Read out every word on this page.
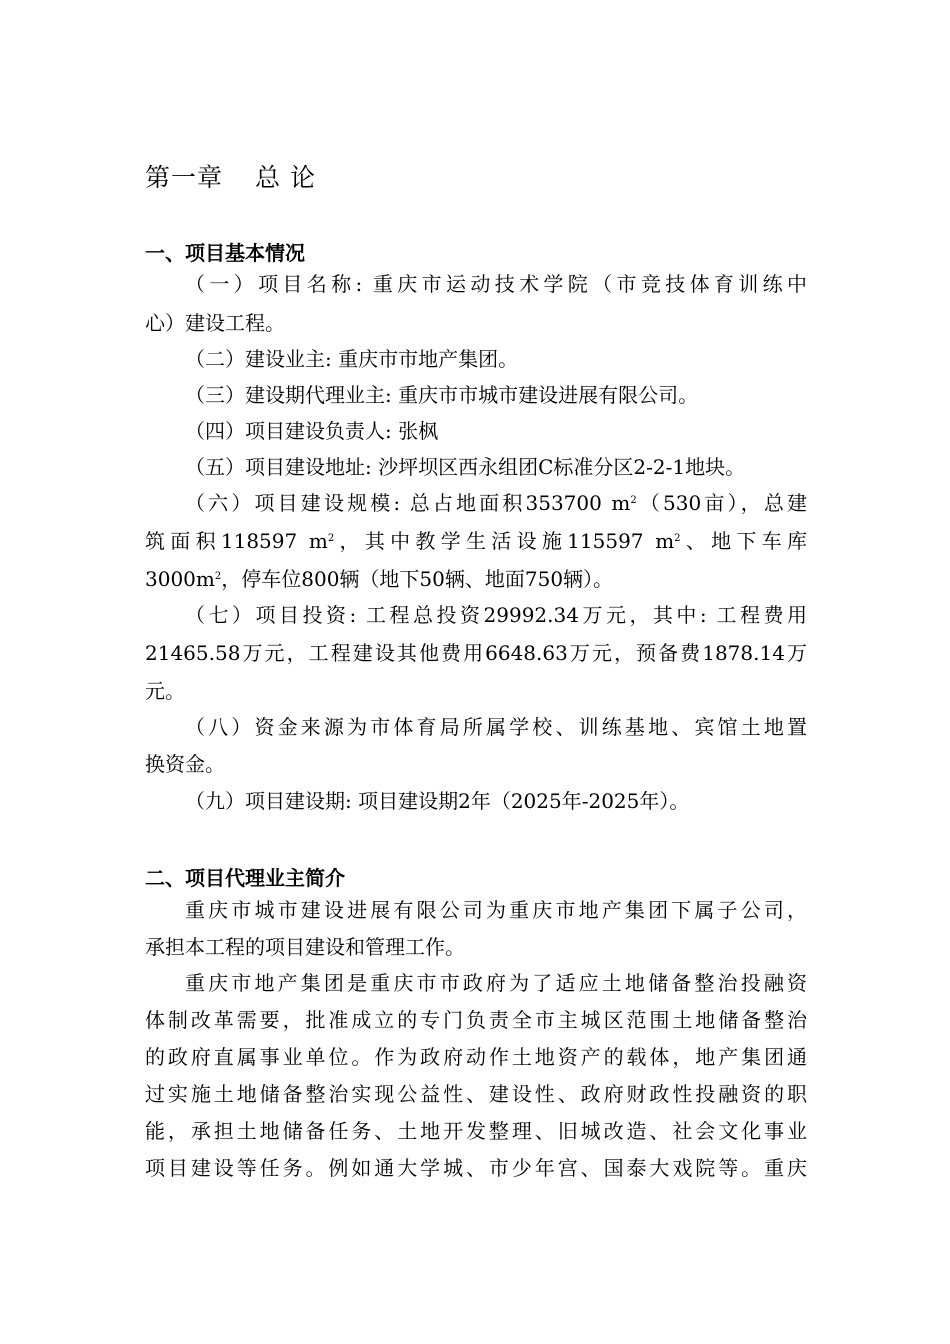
第一章 总 论
一、项目基本情况
（一）项目名称: 重庆市运动技术学院（市竞技体育训练中
心）建设工程。
（二）建设业主: 重庆市市地产集团。
（三）建设期代理业主: 重庆市市城市建设进展有限公司。
（四）项目建设负责人: 张枫
（五）项目建设地址: 沙坪坝区西永组团C标准分区2-2-1地块。
（六）项目建设规模: 总占地面积353700 $m^2(530$亩），总建
筑面积118597 $m^2$，其中教学生活设施115597 $m^2$、地下车库
$3000m^2$，停车位800辆（地下50辆、地面750辆）。
（七）项目投资: 工程总投资29992.34万元，其中: 工程费用
21465.58万元，工程建设其他费用6648.63万元，预备费1878.14万
元。
（八）资金来源为市体育局所属学校、训练基地、宾馆土地置
换资金。
（九）项目建设期: 项目建设期2年（2025年-2025年）。
二、项目代理业主简介
重庆市城市建设进展有限公司为重庆市地产集团下属子公司，
承担本工程的项目建设和管理工作。
重庆市地产集团是重庆市市政府为了适应土地储备整治投融资
体制改革需要，批准成立的专门负责全市主城区范围土地储备整治
的政府直属事业单位。作为政府动作土地资产的载体，地产集团通
过实施土地储备整治实现公益性、建设性、政府财政性投融资的职
能，承担土地储备任务、土地开发整理、旧城改造、社会文化事业
项目建设等任务。例如通大学城、市少年宫、国泰大戏院等。重庆
